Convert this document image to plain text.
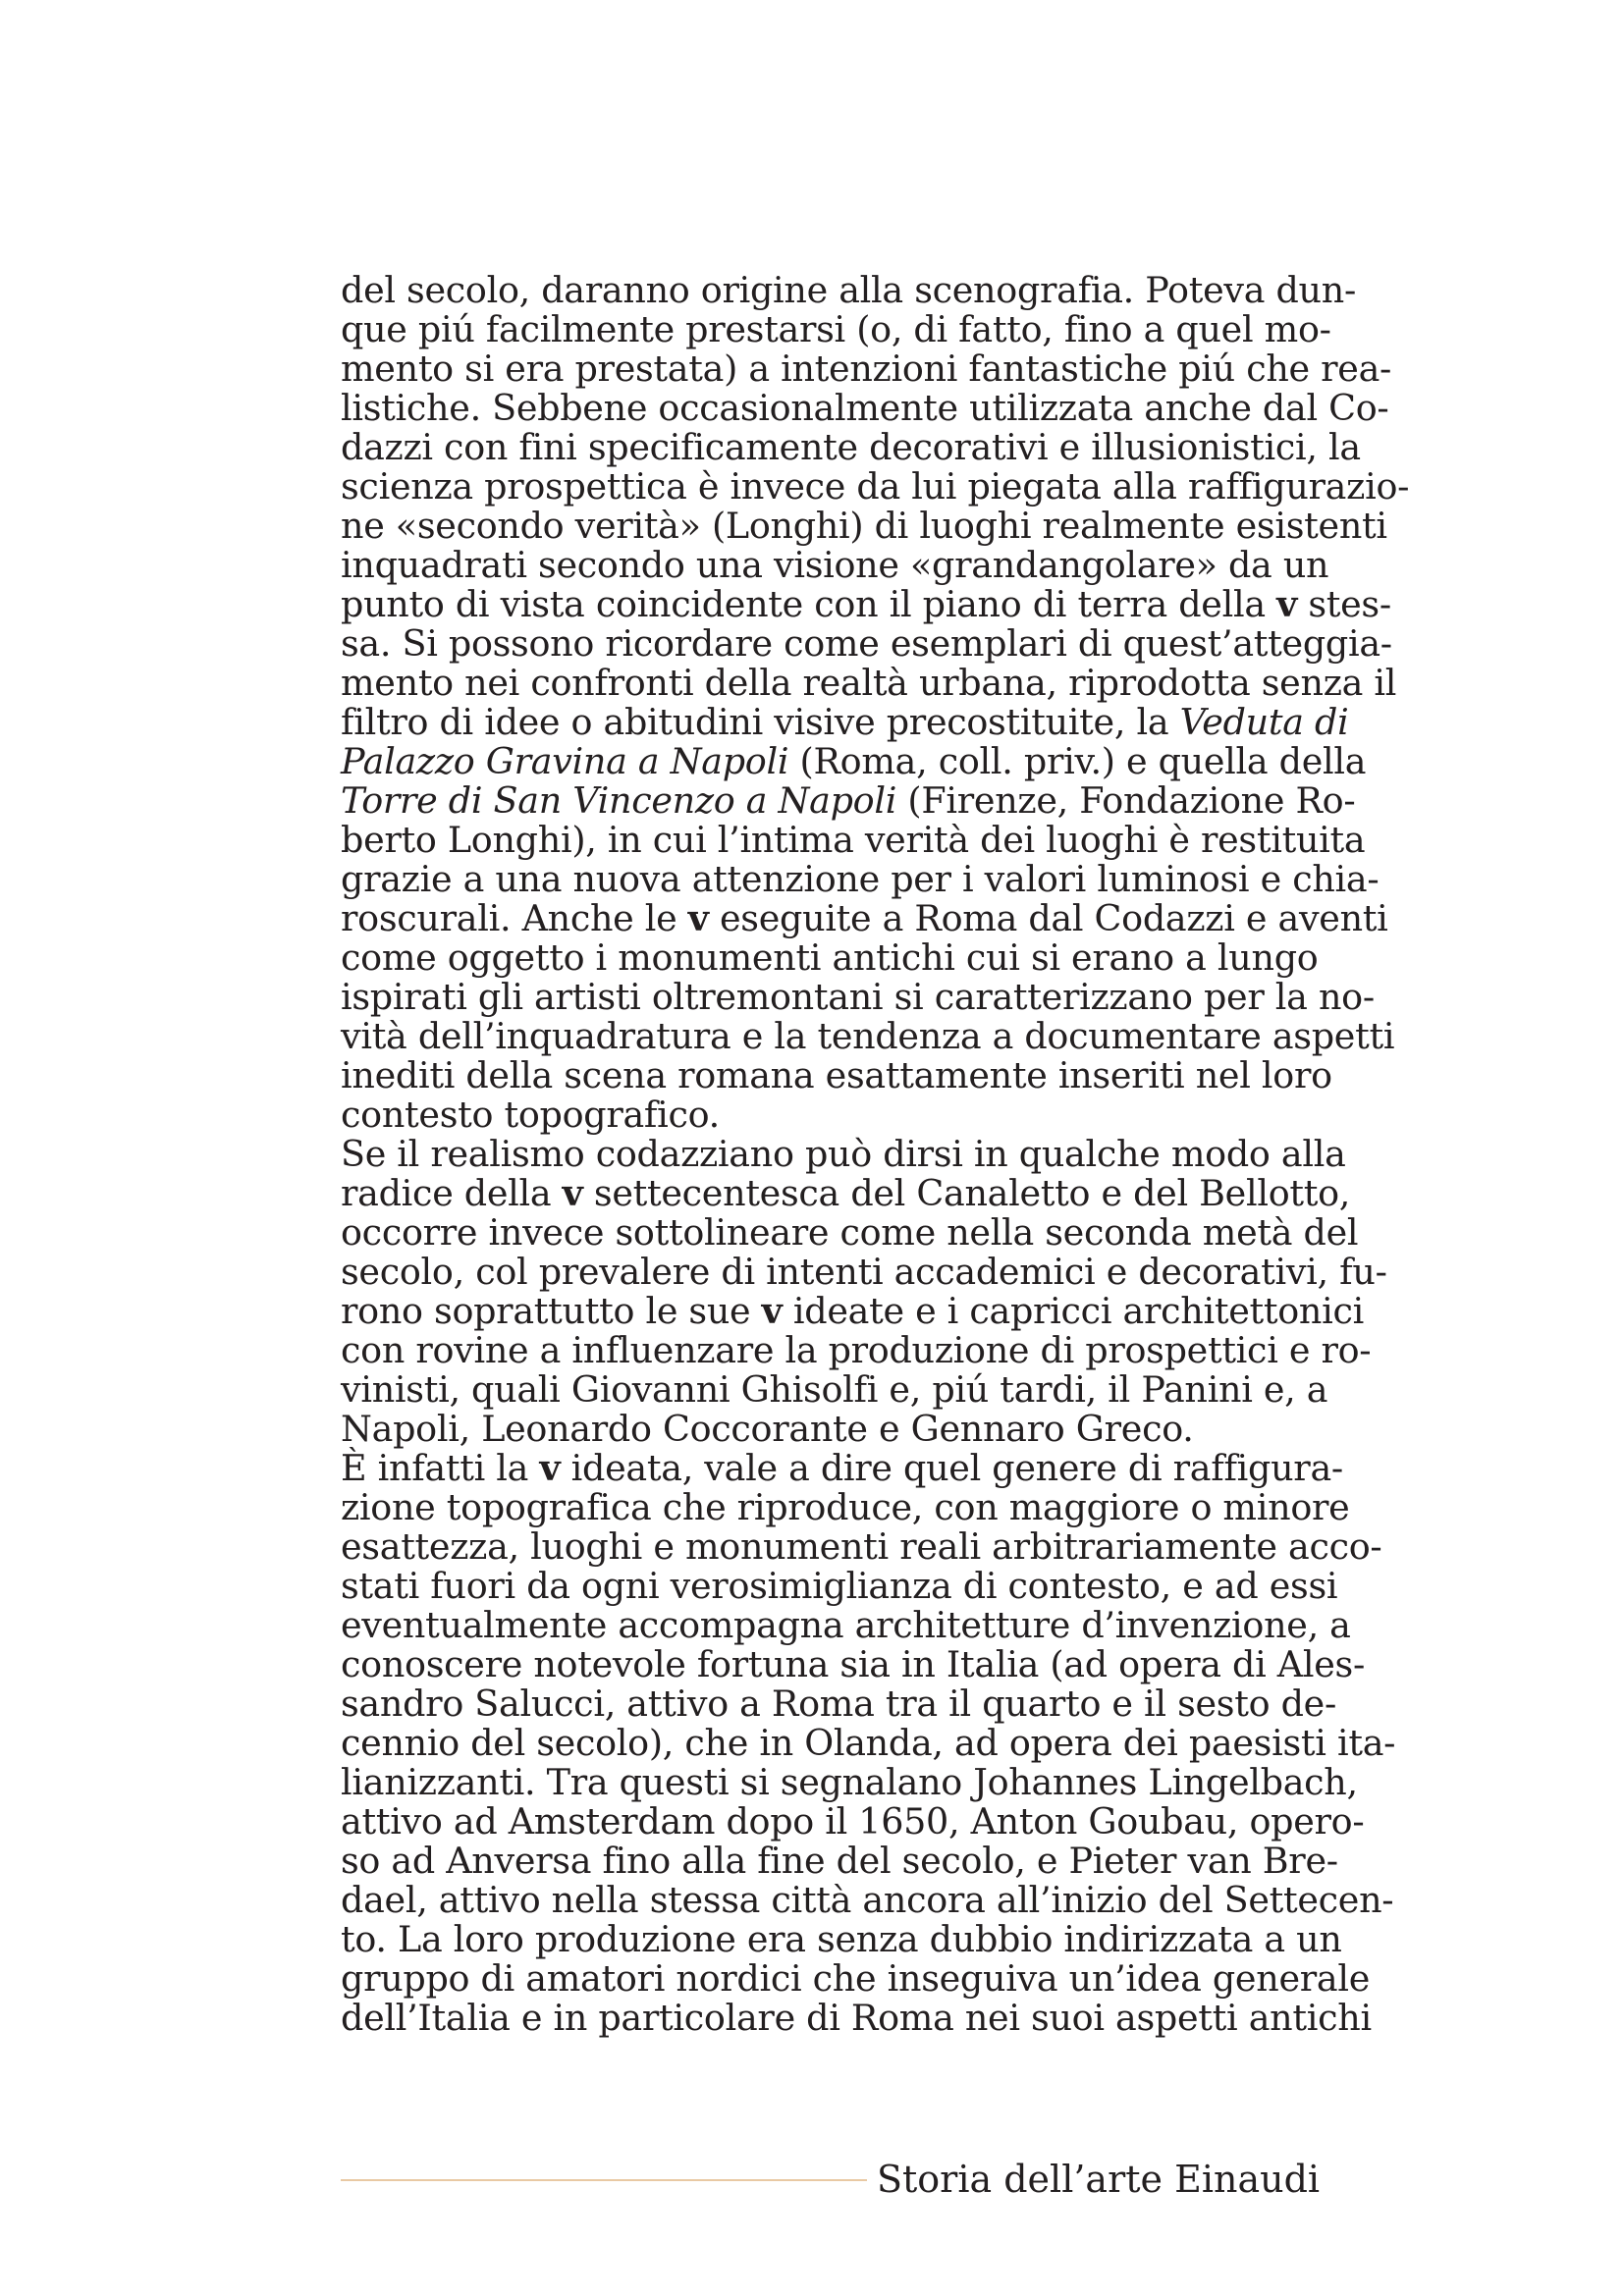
del secolo, daranno origine alla scenografia. Poteva dun-
que piú facilmente prestarsi (o, di fatto, fino a quel mo-
mento si era prestata) a intenzioni fantastiche piú che rea-
listiche. Sebbene occasionalmente utilizzata anche dal Co-
dazzi con fini specificamente decorativi e illusionistici, la
scienza prospettica è invece da lui piegata alla raffigurazio-
ne «secondo verità» (Longhi) di luoghi realmente esistenti
inquadrati secondo una visione «grandangolare» da un
punto di vista coincidente con il piano di terra della v stes-
sa. Si possono ricordare come esemplari di quest’atteggia-
mento nei confronti della realtà urbana, riprodotta senza il
filtro di idee o abitudini visive precostituite, la Veduta di
Palazzo Gravina a Napoli (Roma, coll. priv.) e quella della
Torre di San Vincenzo a Napoli (Firenze, Fondazione Ro-
berto Longhi), in cui l’intima verità dei luoghi è restituita
grazie a una nuova attenzione per i valori luminosi e chia-
roscurali. Anche le v eseguite a Roma dal Codazzi e aventi
come oggetto i monumenti antichi cui si erano a lungo
ispirati gli artisti oltremontani si caratterizzano per la no-
vità dell’inquadratura e la tendenza a documentare aspetti
inediti della scena romana esattamente inseriti nel loro
contesto topografico.
Se il realismo codazziano può dirsi in qualche modo alla
radice della v settecentesca del Canaletto e del Bellotto,
occorre invece sottolineare come nella seconda metà del
secolo, col prevalere di intenti accademici e decorativi, fu-
rono soprattutto le sue v ideate e i capricci architettonici
con rovine a influenzare la produzione di prospettici e ro-
vinisti, quali Giovanni Ghisolfi e, piú tardi, il Panini e, a
Napoli, Leonardo Coccorante e Gennaro Greco.
È infatti la v ideata, vale a dire quel genere di raffigura-
zione topografica che riproduce, con maggiore o minore
esattezza, luoghi e monumenti reali arbitrariamente acco-
stati fuori da ogni verosimiglianza di contesto, e ad essi
eventualmente accompagna architetture d’invenzione, a
conoscere notevole fortuna sia in Italia (ad opera di Ales-
sandro Salucci, attivo a Roma tra il quarto e il sesto de-
cennio del secolo), che in Olanda, ad opera dei paesisti ita-
lianizzanti. Tra questi si segnalano Johannes Lingelbach,
attivo ad Amsterdam dopo il 1650, Anton Goubau, opero-
so ad Anversa fino alla fine del secolo, e Pieter van Bre-
dael, attivo nella stessa città ancora all’inizio del Settecen-
to. La loro produzione era senza dubbio indirizzata a un
gruppo di amatori nordici che inseguiva un’idea generale
dell’Italia e in particolare di Roma nei suoi aspetti antichi
Storia dell’arte Einaudi
